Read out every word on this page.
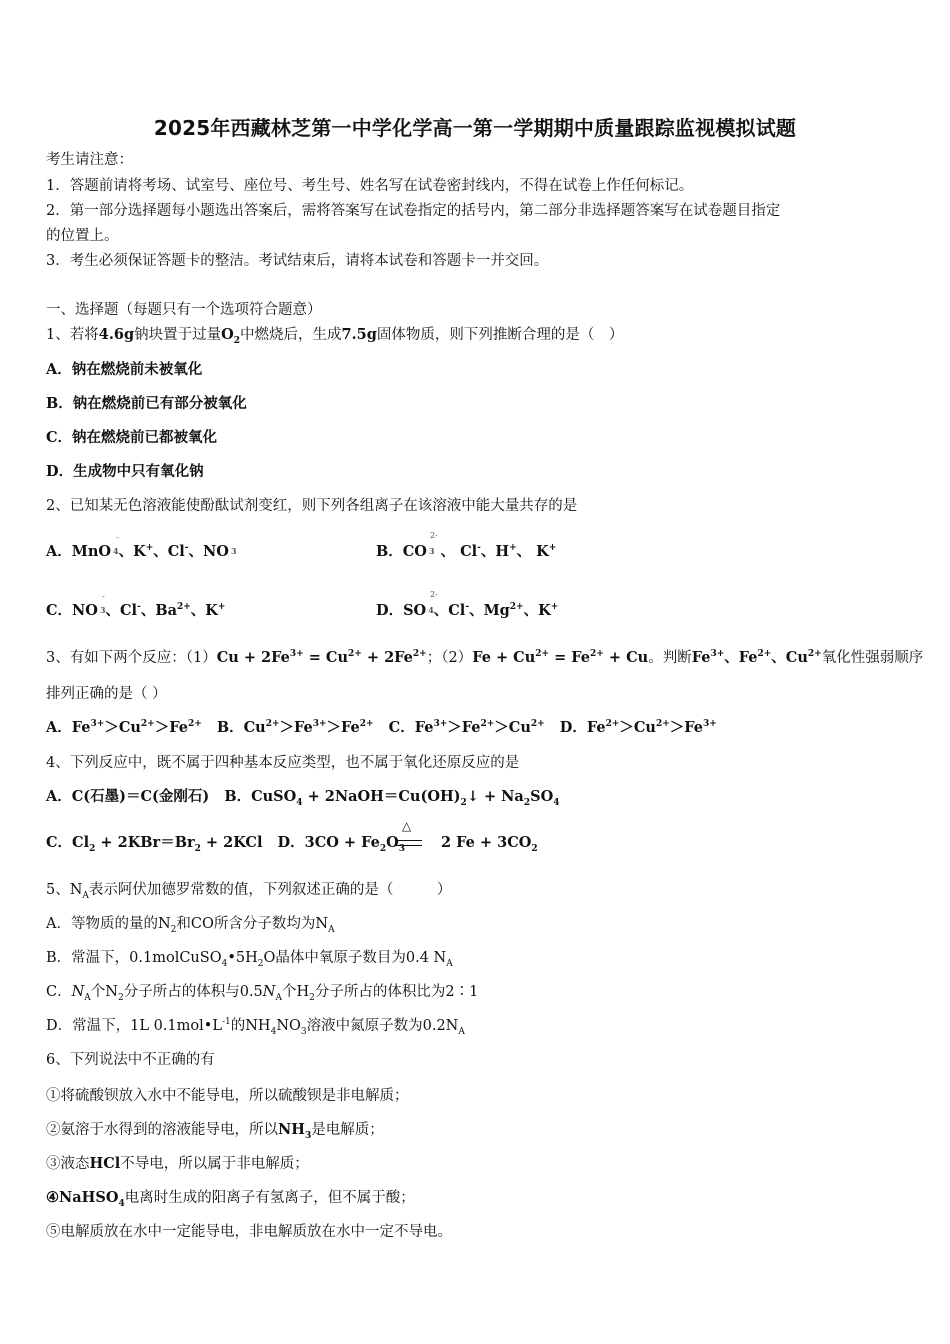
2025年西藏林芝第一中学化学高一第一学期期中质量跟踪监视模拟试题
考生请注意：
1．答题前请将考场、试室号、座位号、考生号、姓名写在试卷密封线内，不得在试卷上作任何标记。
2．第一部分选择题每小题选出答案后，需将答案写在试卷指定的括号内，第二部分非选择题答案写在试卷题目指定
的位置上。
3．考生必须保证答题卡的整洁。考试结束后，请将本试卷和答题卡一并交回。
一、选择题（每题只有一个选项符合题意）
1、若将4.6g钠块置于过量$O_2$中燃烧后，生成7.5g固体物质，则下列推断合理的是（　）
A．钠在燃烧前未被氧化
B．钠在燃烧前已有部分被氧化
C．钠在燃烧前已都被氧化
D．生成物中只有氧化钠
2、已知某无色溶液能使酚酞试剂变红，则下列各组离子在该溶液中能大量共存的是
A．MnO 4、K+、Cl-、NO 3
-
B．CO 3 、 Cl-、H+、 K+
2-
C．NO 3、Cl-、$Ba^{2+}$、K+
-
D．SO 4、Cl-、$Mg^{2+}$、K+
2-
3、有如下两个反应：$(1)Cu + 2Fe^{3+} = Cu^{2+} + 2Fe^{2+}$；$(2)Fe + Cu^{2+} = Fe^{2+} + Cu$。判断$Fe^{3+}$、$Fe^{2+}$、$Cu^{2+}$氧化性强弱顺序
排列正确的是（ ）
A．$Fe^{3+}>Cu^{2+}>Fe^{2+}$ B．$Cu^{2+}>Fe^{3+}>Fe^{2+}$ C．$Fe^{3+}>Fe^{2+}>Cu^{2+}$ D．$Fe^{2+}>Cu^{2+}>Fe^{3+}$
4、下列反应中，既不属于四种基本反应类型，也不属于氧化还原反应的是
A．C(石墨)＝C(金刚石) B．CuSO$_4$ + $2NaOH=Cu(OH)_2↓ + Na_2SO_4$
C．$Cl_2 + 2KBr=Br_2 + 2KCl$ D．$3CO + Fe_2O_3$ 2 $Fe + 3CO_2$
△
5、$N_A$表示阿伏加德罗常数的值，下列叙述正确的是（　　　）
A．等物质的量的$N_2$和CO所含分子数均为$N_A$
B．常温下，$0.1molCuSO_4•5H_2O$晶体中氧原子数目为0.4 $N_A$
C．$N_A$个$N_2$分子所占的体积与$0.5N_A$个$H_2$分子所占的体积比为2∶1
D．常温下，1L $0.1mol•L^{-1}$的$NH_4NO_3$溶液中氮原子数为$0.2N_A$
6、下列说法中不正确的有
①将硫酸钡放入水中不能导电，所以硫酸钡是非电解质；
②氨溶于水得到的溶液能导电，所以$NH_3$是电解质；
③液态HCl不导电，所以属于非电解质；
④NaHSO$_4$电离时生成的阳离子有氢离子，但不属于酸；
⑤电解质放在水中一定能导电，非电解质放在水中一定不导电。
